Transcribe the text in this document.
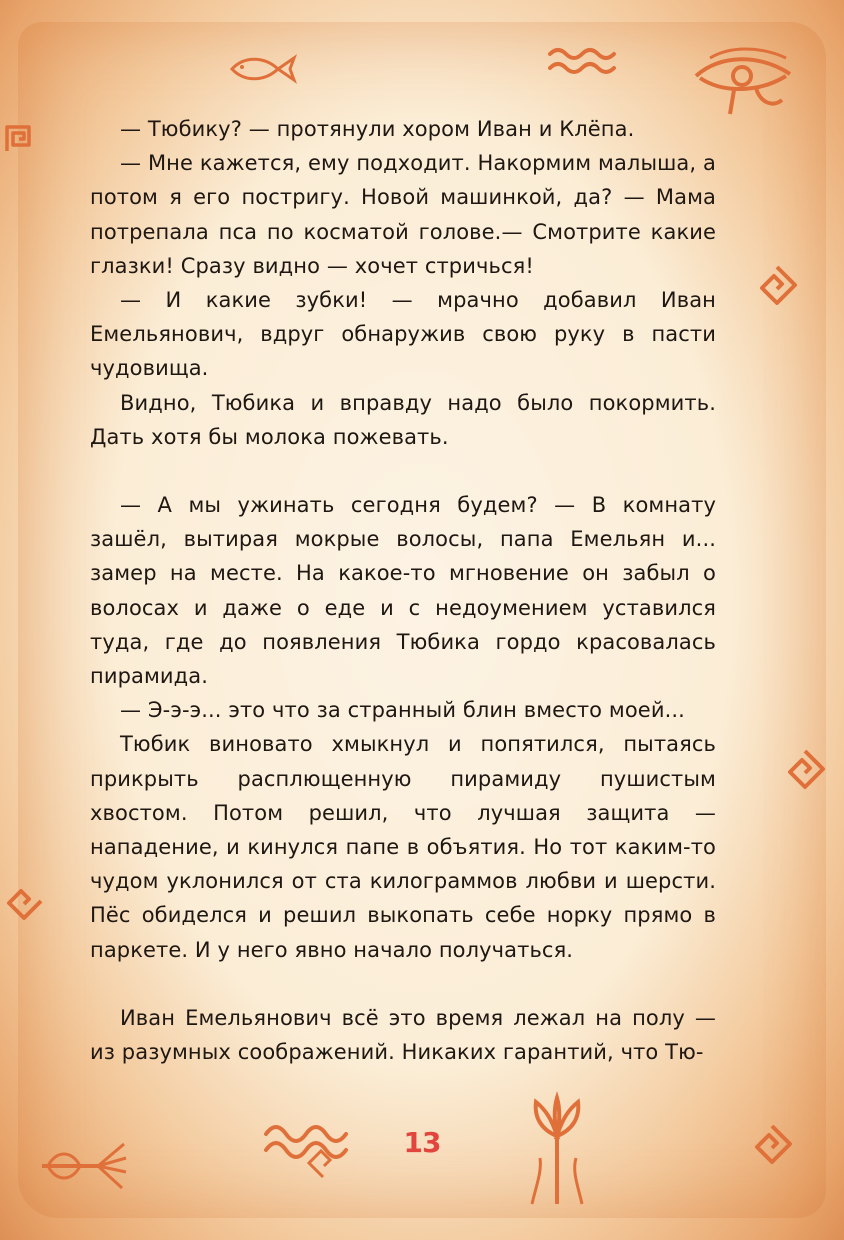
— Тюбику? — протянули хором Иван и Клёпа.

— Мне кажется, ему подходит. Накормим малыша, а потом я его постригу. Новой машинкой, да? — Мама потрепала пса по косматой голове.— Смотрите какие глазки! Сразу видно — хочет стричься!

— И какие зубки! — мрачно добавил Иван Емельянович, вдруг обнаружив свою руку в пасти чудовища.

Видно, Тюбика и вправду надо было покормить. Дать хотя бы молока пожевать.

— А мы ужинать сегодня будем? — В комнату зашёл, вытирая мокрые волосы, папа Емельян и... замер на месте. На какое-то мгновение он забыл о волосах и даже о еде и с недоумением уставился туда, где до появления Тюбика гордо красовалась пирамида.

— Э-э-э... это что за странный блин вместо моей...

Тюбик виновато хмыкнул и попятился, пытаясь прикрыть расплющенную пирамиду пушистым хвостом. Потом решил, что лучшая защита — нападение, и кинулся папе в объятия. Но тот каким-то чудом уклонился от ста килограммов любви и шерсти. Пёс обиделся и решил выкопать себе норку прямо в паркете. И у него явно начало получаться.

Иван Емельянович всё это время лежал на полу — из разумных соображений. Никаких гарантий, что Тю-

13
